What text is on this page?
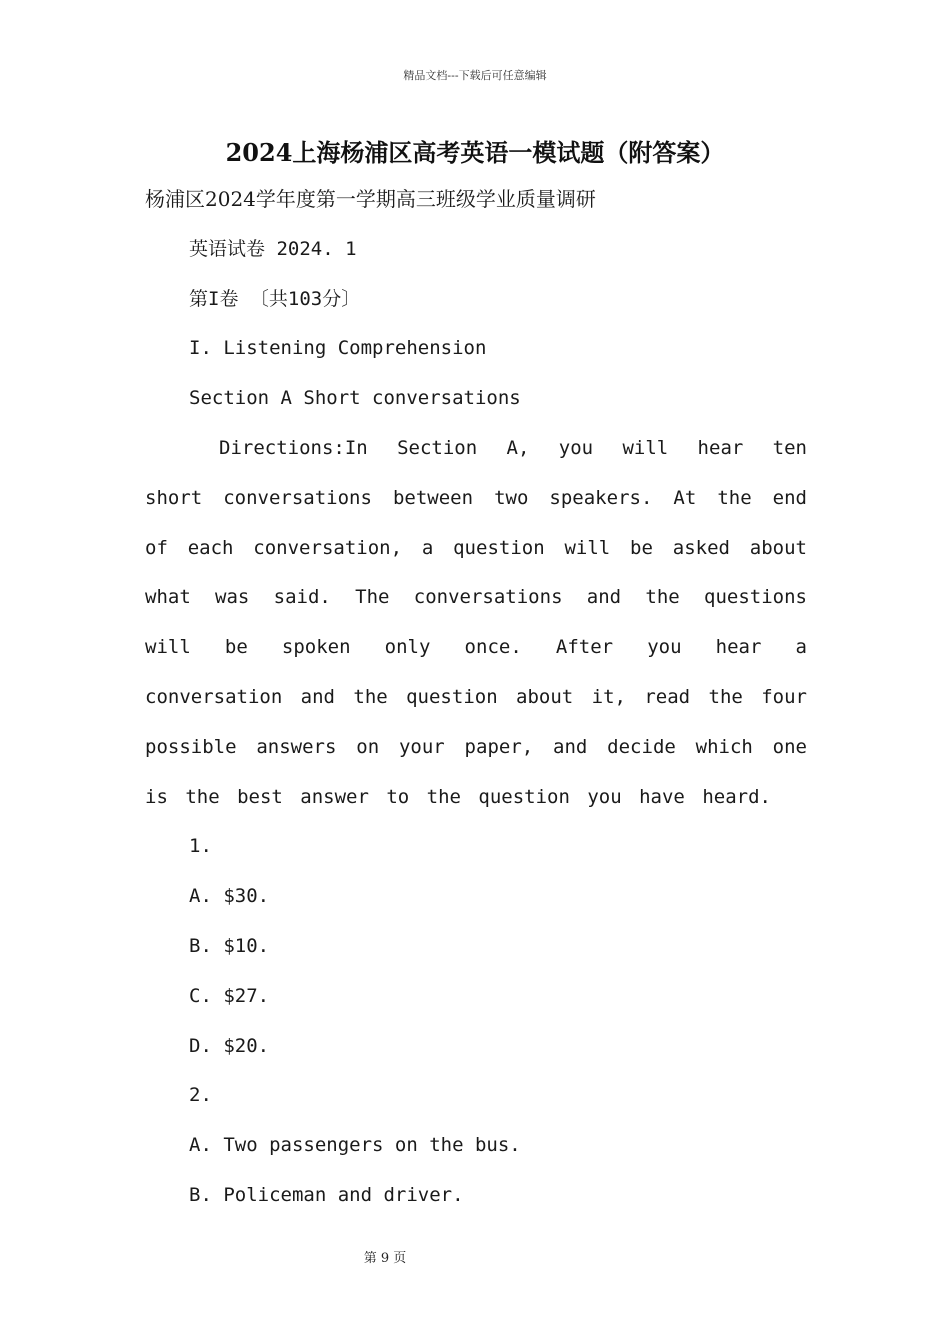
精品文档---下载后可任意编辑
2024上海杨浦区高考英语一模试题（附答案）
杨浦区2024学年度第一学期高三班级学业质量调研
英语试卷 2024. 1
第I卷 〔共103分〕
I. Listening Comprehension
Section A Short conversations

Directions:In Section A, you will hear ten short conversations between two speakers. At the end of each conversation, a question will be asked about what was said. The conversations and the questions will be spoken only once. After you hear a conversation and the question about it, read the four possible answers on your paper, and decide which one is the best answer to the question you have heard.

1.
A. $30.
B. $10.
C. $27.
D. $20.
2.
A. Two passengers on the bus.
B. Policeman and driver.
第 9 页
